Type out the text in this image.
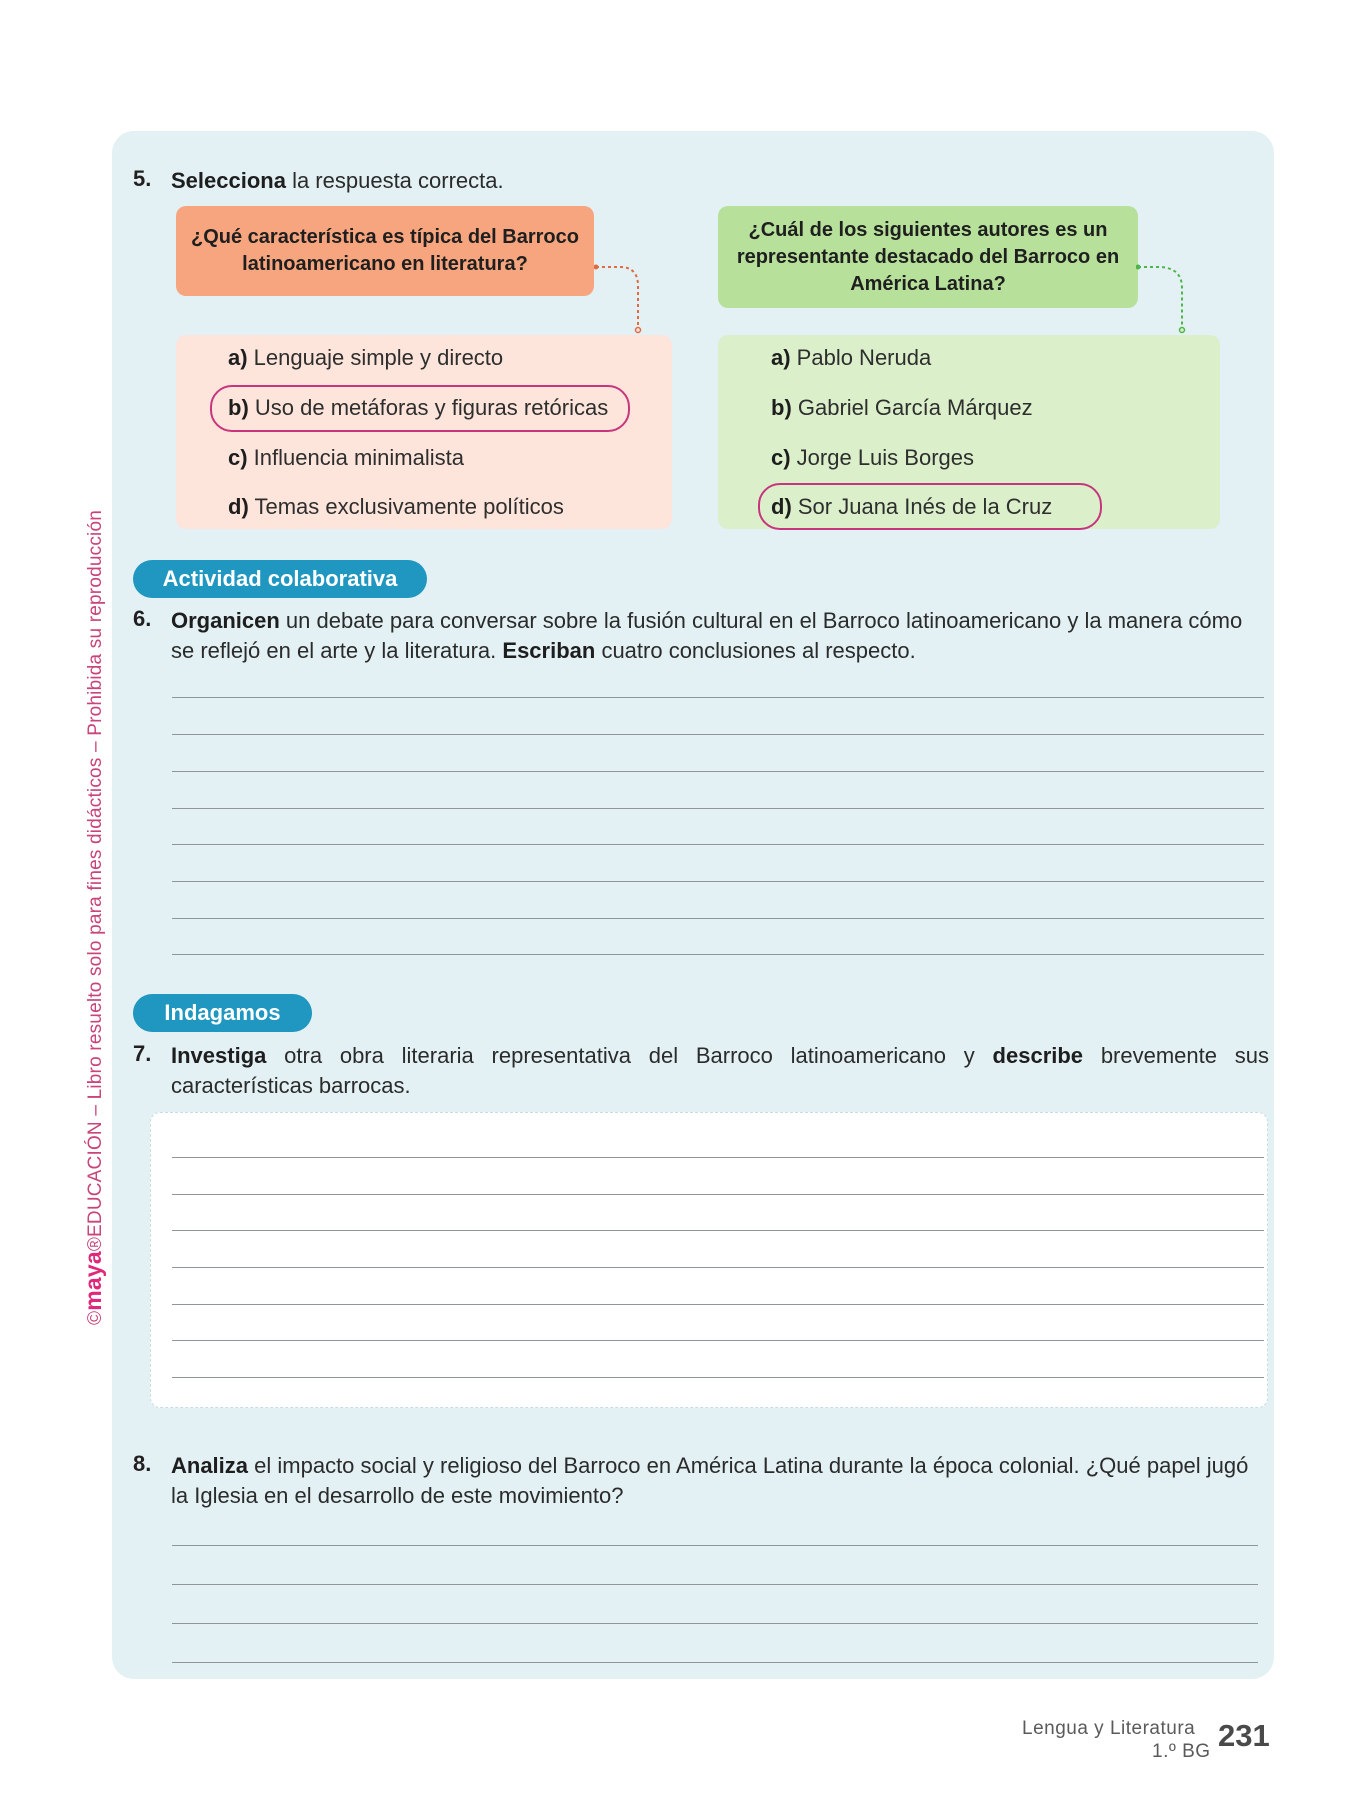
©maya®EDUCACIÓN – Libro resuelto solo para fines didácticos – Prohibida su reproducción
5. Selecciona la respuesta correcta.
¿Qué característica es típica del Barroco latinoamericano en literatura?
a) Lenguaje simple y directo
b) Uso de metáforas y figuras retóricas
c) Influencia minimalista
d) Temas exclusivamente políticos
¿Cuál de los siguientes autores es un representante destacado del Barroco en América Latina?
a) Pablo Neruda
b) Gabriel García Márquez
c) Jorge Luis Borges
d) Sor Juana Inés de la Cruz
Actividad colaborativa
6. Organicen un debate para conversar sobre la fusión cultural en el Barroco latinoamericano y la manera cómo se reflejó en el arte y la literatura. Escriban cuatro conclusiones al respecto.
Indagamos
7. Investiga otra obra literaria representativa del Barroco latinoamericano y describe brevemente sus características barrocas.
8. Analiza el impacto social y religioso del Barroco en América Latina durante la época colonial. ¿Qué papel jugó la Iglesia en el desarrollo de este movimiento?
Lengua y Literatura
1.º BG 231
